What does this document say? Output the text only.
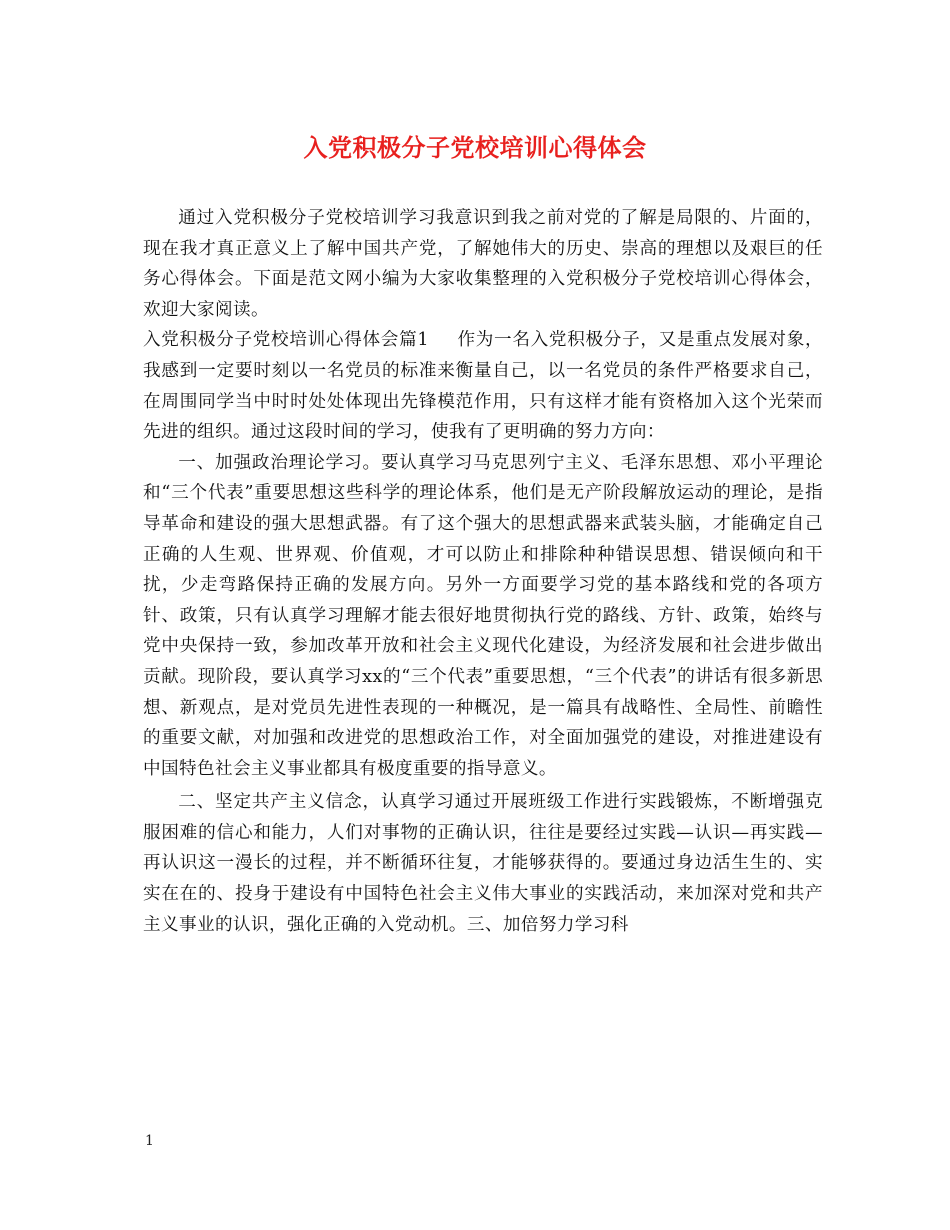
入党积极分子党校培训心得体会

通过入党积极分子党校培训学习我意识到我之前对党的了解是局限的、片面的，现在我才真正意义上了解中国共产党，了解她伟大的历史、崇高的理想以及艰巨的任务心得体会。下面是范文网小编为大家收集整理的入党积极分子党校培训心得体会，欢迎大家阅读。

入党积极分子党校培训心得体会篇1 作为一名入党积极分子，又是重点发展对象，我感到一定要时刻以一名党员的标准来衡量自己，以一名党员的条件严格要求自己，在周围同学当中时时处处体现出先锋模范作用，只有这样才能有资格加入这个光荣而先进的组织。通过这段时间的学习，使我有了更明确的努力方向：

一、加强政治理论学习。要认真学习马克思列宁主义、毛泽东思想、邓小平理论和“三个代表”重要思想这些科学的理论体系，他们是无产阶段解放运动的理论，是指导革命和建设的强大思想武器。有了这个强大的思想武器来武装头脑，才能确定自己正确的人生观、世界观、价值观，才可以防止和排除种种错误思想、错误倾向和干扰，少走弯路保持正确的发展方向。另外一方面要学习党的基本路线和党的各项方针、政策，只有认真学习理解才能去很好地贯彻执行党的路线、方针、政策，始终与党中央保持一致，参加改革开放和社会主义现代化建设，为经济发展和社会进步做出贡献。现阶段，要认真学习xx的“三个代表”重要思想，“三个代表”的讲话有很多新思想、新观点，是对党员先进性表现的一种概况，是一篇具有战略性、全局性、前瞻性的重要文献，对加强和改进党的思想政治工作，对全面加强党的建设，对推进建设有中国特色社会主义事业都具有极度重要的指导意义。

二、坚定共产主义信念，认真学习通过开展班级工作进行实践锻炼，不断增强克服困难的信心和能力，人们对事物的正确认识，往往是要经过实践—认识—再实践—再认识这一漫长的过程，并不断循环往复，才能够获得的。要通过身边活生生的、实实在在的、投身于建设有中国特色社会主义伟大事业的实践活动，来加深对党和共产主义事业的认识，强化正确的入党动机。三、加倍努力学习科

1
